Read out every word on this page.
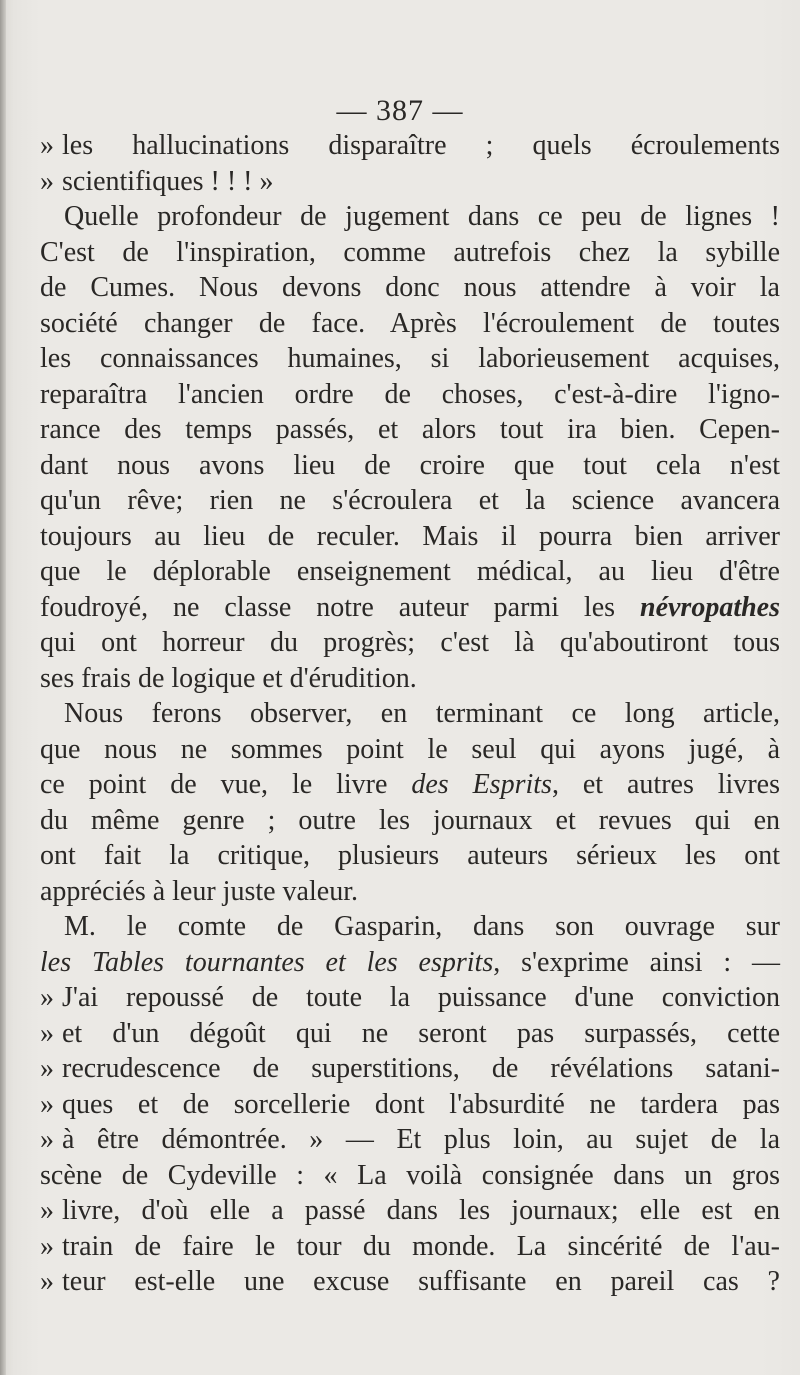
— 387 —
» les hallucinations disparaître ; quels écroulements
» scientifiques ! ! ! »
Quelle profondeur de jugement dans ce peu de lignes !
C'est de l'inspiration, comme autrefois chez la sybille
de Cumes. Nous devons donc nous attendre à voir la
société changer de face. Après l'écroulement de toutes
les connaissances humaines, si laborieusement acquises,
reparaîtra l'ancien ordre de choses, c'est-à-dire l'igno-
rance des temps passés, et alors tout ira bien. Cepen-
dant nous avons lieu de croire que tout cela n'est
qu'un rêve; rien ne s'écroulera et la science avancera
toujours au lieu de reculer. Mais il pourra bien arriver
que le déplorable enseignement médical, au lieu d'être
foudroyé, ne classe notre auteur parmi les névropathes
qui ont horreur du progrès; c'est là qu'aboutiront tous
ses frais de logique et d'érudition.
Nous ferons observer, en terminant ce long article,
que nous ne sommes point le seul qui ayons jugé, à
ce point de vue, le livre des Esprits, et autres livres
du même genre ; outre les journaux et revues qui en
ont fait la critique, plusieurs auteurs sérieux les ont
appréciés à leur juste valeur.
M. le comte de Gasparin, dans son ouvrage sur
les Tables tournantes et les esprits, s'exprime ainsi : —
» J'ai repoussé de toute la puissance d'une conviction
» et d'un dégoût qui ne seront pas surpassés, cette
» recrudescence de superstitions, de révélations satani-
» ques et de sorcellerie dont l'absurdité ne tardera pas
» à être démontrée. » — Et plus loin, au sujet de la
scène de Cydeville : « La voilà consignée dans un gros
» livre, d'où elle a passé dans les journaux; elle est en
» train de faire le tour du monde. La sincérité de l'au-
» teur est-elle une excuse suffisante en pareil cas ?
